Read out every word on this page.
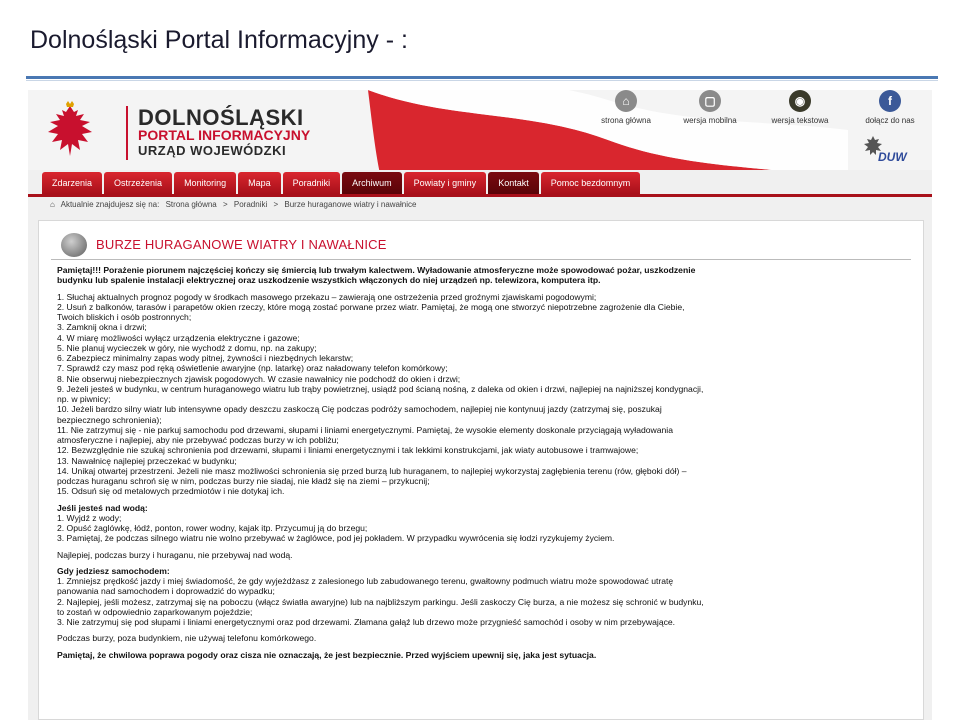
Dolnośląski Portal Informacyjny - :
DOLNOŚLĄSKI
PORTAL INFORMACYJNY
URZĄD WOJEWÓDZKI
⌂
strona główna
▢
wersja mobilna
◉
wersja tekstowa
f
dołącz do nas
DUW
Zdarzenia	Ostrzeżenia	Monitoring	Mapa	Poradniki	Archiwum	Powiaty i gminy	Kontakt	Pomoc bezdomnym
⌂ Aktualnie znajdujesz się na: Strona główna > Poradniki > Burze huraganowe wiatry i nawałnice
BURZE HURAGANOWE WIATRY I NAWAŁNICE
Pamiętaj!!! Porażenie piorunem najczęściej kończy się śmiercią lub trwałym kalectwem. Wyładowanie atmosferyczne może spowodować pożar, uszkodzenie
budynku lub spalenie instalacji elektrycznej oraz uszkodzenie wszystkich włączonych do niej urządzeń np. telewizora, komputera itp.
1. Słuchaj aktualnych prognoz pogody w środkach masowego przekazu – zawierają one ostrzeżenia przed groźnymi zjawiskami pogodowymi;
2. Usuń z balkonów, tarasów i parapetów okien rzeczy, które mogą zostać porwane przez wiatr. Pamiętaj, że mogą one stworzyć niepotrzebne zagrożenie dla Ciebie,
Twoich bliskich i osób postronnych;
3. Zamknij okna i drzwi;
4. W miarę możliwości wyłącz urządzenia elektryczne i gazowe;
5. Nie planuj wycieczek w góry, nie wychodź z domu, np. na zakupy;
6. Zabezpiecz minimalny zapas wody pitnej, żywności i niezbędnych lekarstw;
7. Sprawdź czy masz pod ręką oświetlenie awaryjne (np. latarkę) oraz naładowany telefon komórkowy;
8. Nie obserwuj niebezpiecznych zjawisk pogodowych. W czasie nawałnicy nie podchodź do okien i drzwi;
9. Jeżeli jesteś w budynku, w centrum huraganowego wiatru lub trąby powietrznej, usiądź pod ścianą nośną, z daleka od okien i drzwi, najlepiej na najniższej kondygnacji,
np. w piwnicy;
10. Jeżeli bardzo silny wiatr lub intensywne opady deszczu zaskoczą Cię podczas podróży samochodem, najlepiej nie kontynuuj jazdy (zatrzymaj się, poszukaj
bezpiecznego schronienia);
11. Nie zatrzymuj się - nie parkuj samochodu pod drzewami, słupami i liniami energetycznymi. Pamiętaj, że wysokie elementy doskonale przyciągają wyładowania
atmosferyczne i najlepiej, aby nie przebywać podczas burzy w ich pobliżu;
12. Bezwzględnie nie szukaj schronienia pod drzewami, słupami i liniami energetycznymi i tak lekkimi konstrukcjami, jak wiaty autobusowe i tramwajowe;
13. Nawałnicę najlepiej przeczekać w budynku;
14. Unikaj otwartej przestrzeni. Jeżeli nie masz możliwości schronienia się przed burzą lub huraganem, to najlepiej wykorzystaj zagłębienia terenu (rów, głęboki dół) –
podczas huraganu schroń się w nim, podczas burzy nie siadaj, nie kładź się na ziemi – przykucnij;
15. Odsuń się od metalowych przedmiotów i nie dotykaj ich.
Jeśli jesteś nad wodą:
1. Wyjdź z wody;
2. Opuść żaglówkę, łódź, ponton, rower wodny, kajak itp. Przycumuj ją do brzegu;
3. Pamiętaj, że podczas silnego wiatru nie wolno przebywać w żaglówce, pod jej pokładem. W przypadku wywrócenia się łodzi ryzykujemy życiem.
Najlepiej, podczas burzy i huraganu, nie przebywaj nad wodą.
Gdy jedziesz samochodem:
1. Zmniejsz prędkość jazdy i miej świadomość, że gdy wyjeżdżasz z zalesionego lub zabudowanego terenu, gwałtowny podmuch wiatru może spowodować utratę
panowania nad samochodem i doprowadzić do wypadku;
2. Najlepiej, jeśli możesz, zatrzymaj się na poboczu (włącz światła awaryjne) lub na najbliższym parkingu. Jeśli zaskoczy Cię burza, a nie możesz się schronić w budynku,
to zostań w odpowiednio zaparkowanym pojeździe;
3. Nie zatrzymuj się pod słupami i liniami energetycznymi oraz pod drzewami. Złamana gałąź lub drzewo może przygnieść samochód i osoby w nim przebywające.
Podczas burzy, poza budynkiem, nie używaj telefonu komórkowego.
Pamiętaj, że chwilowa poprawa pogody oraz cisza nie oznaczają, że jest bezpiecznie. Przed wyjściem upewnij się, jaka jest sytuacja.
